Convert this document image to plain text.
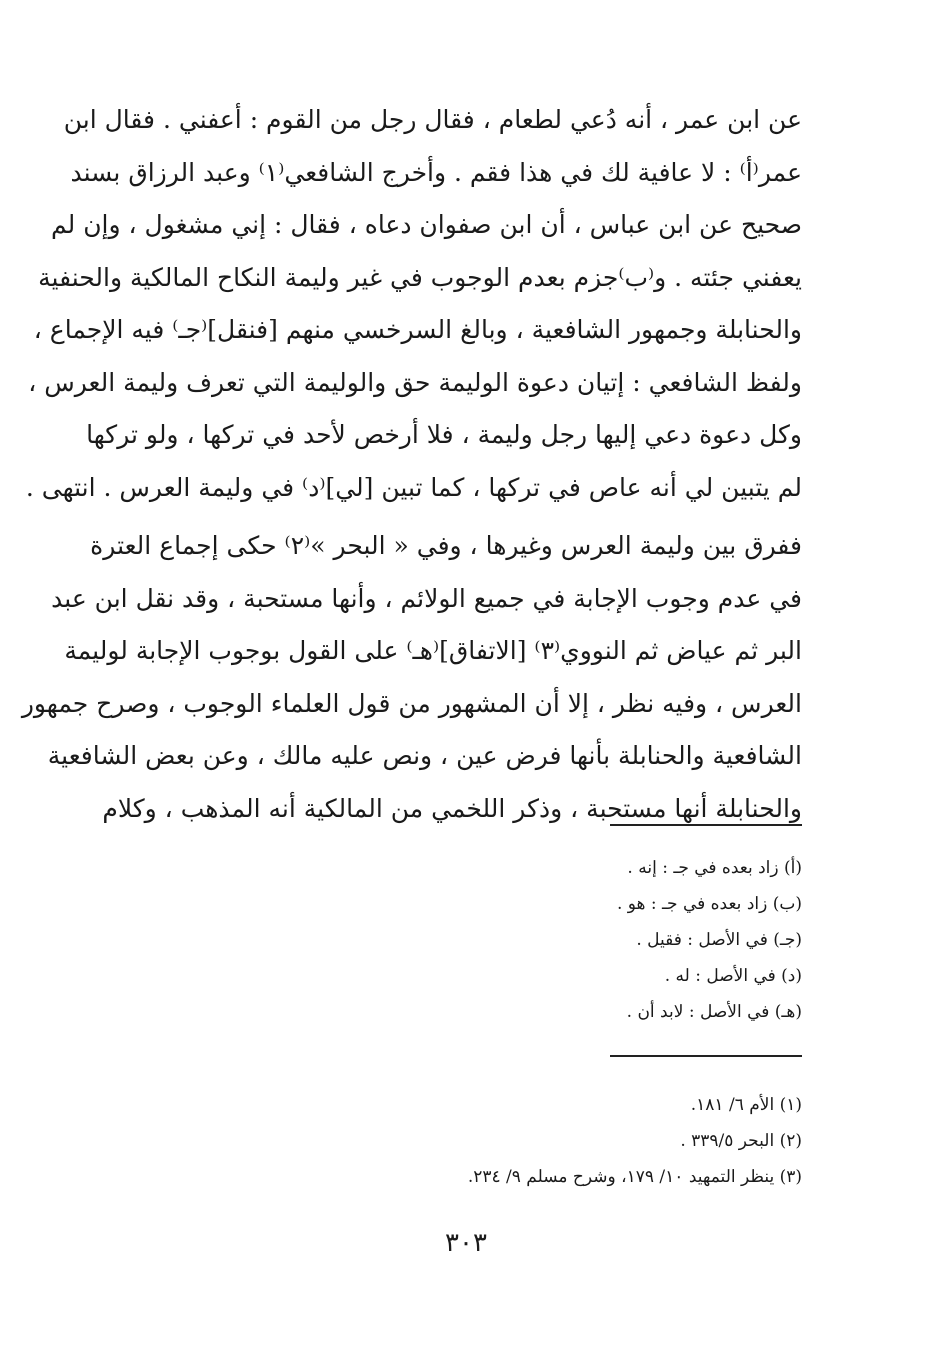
عن ابن عمر ، أنه دُعي لطعام ، فقال رجل من القوم : أعفني . فقال ابن
عمر⁽أ⁾ : لا عافية لك في هذا فقم . وأخرج الشافعي⁽١⁾ وعبد الرزاق بسند
صحيح عن ابن عباس ، أن ابن صفوان دعاه ، فقال : إني مشغول ، وإن لم
يعفني جئته . و⁽ب⁾جزم بعدم الوجوب في غير وليمة النكاح المالكية والحنفية
والحنابلة وجمهور الشافعية ، وبالغ السرخسي منهم [فنقل]⁽جـ⁾ فيه الإجماع ،
ولفظ الشافعي : إتيان دعوة الوليمة حق والوليمة التي تعرف وليمة العرس ،
وكل دعوة دعي إليها رجل وليمة ، فلا أرخص لأحد في تركها ، ولو تركها
لم يتبين لي أنه عاص في تركها ، كما تبين [لي]⁽د⁾ في وليمة العرس . انتهى .
ففرق بين وليمة العرس وغيرها ، وفي « البحر »⁽٢⁾ حكى إجماع العترة
في عدم وجوب الإجابة في جميع الولائم ، وأنها مستحبة ، وقد نقل ابن عبد
البر ثم عياض ثم النووي⁽٣⁾ [الاتفاق]⁽هـ⁾ على القول بوجوب الإجابة لوليمة
العرس ، وفيه نظر ، إلا أن المشهور من قول العلماء الوجوب ، وصرح جمهور
الشافعية والحنابلة بأنها فرض عين ، ونص عليه مالك ، وعن بعض الشافعية
والحنابلة أنها مستحبة ، وذكر اللخمي من المالكية أنه المذهب ، وكلام
(أ) زاد بعده في جـ : إنه .
(ب) زاد بعده في جـ : هو .
(جـ) في الأصل : فقيل .
(د) في الأصل : له .
(هـ) في الأصل : لابد أن .
(١) الأم ٦/ ١٨١.
(٢) البحر ٣٣٩/٥ .
(٣) ينظر التمهيد ١٠/ ١٧٩، وشرح مسلم ٩/ ٢٣٤.
٣٠٣
